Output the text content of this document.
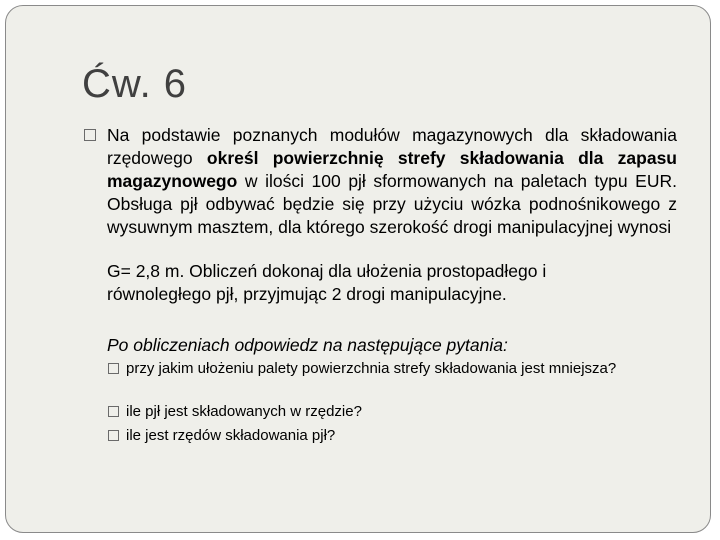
Ćw. 6
Na podstawie poznanych modułów magazynowych dla składowania rzędowego określ powierzchnię strefy składowania dla zapasu magazynowego w ilości 100 pjł sformowanych na paletach typu EUR. Obsługa pjł odbywać będzie się przy użyciu wózka podnośnikowego z wysuwnym masztem, dla którego szerokość drogi manipulacyjnej wynosi
G= 2,8 m. Obliczeń dokonaj dla ułożenia prostopadłego i równoległego pjł, przyjmując 2 drogi manipulacyjne.
Po obliczeniach odpowiedz na następujące pytania:
przy jakim ułożeniu palety powierzchnia strefy składowania jest mniejsza?
ile pjł jest składowanych w rzędzie?
ile jest rzędów składowania pjł?
